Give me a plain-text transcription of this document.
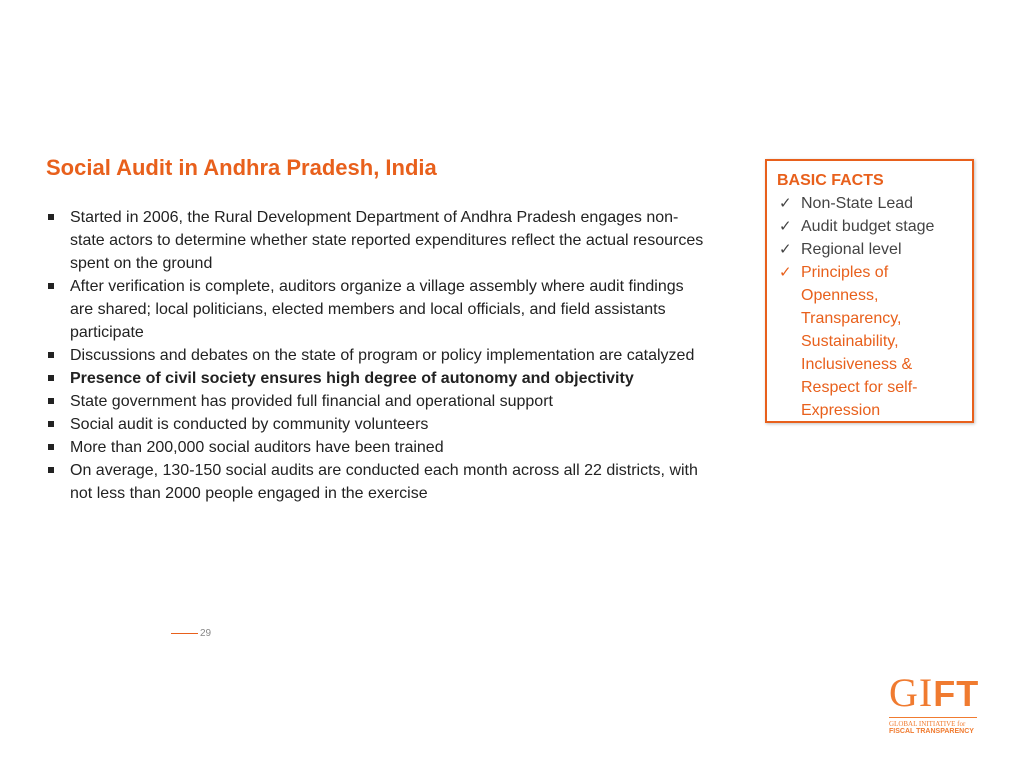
Social Audit in Andhra Pradesh, India
Started in 2006, the Rural Development Department of Andhra Pradesh engages non-state actors to determine whether state reported expenditures reflect the actual resources spent on the ground
After verification is complete, auditors organize a village assembly where audit findings are shared; local politicians, elected members and local officials, and field assistants participate
Discussions and debates on the state of program or policy implementation are catalyzed
Presence of civil society ensures high degree of autonomy and objectivity
State government has provided full financial and operational support
Social audit is conducted by community volunteers
More than 200,000 social auditors have been trained
On average, 130-150 social audits are conducted each month across all 22 districts, with not less than 2000 people engaged in the exercise
BASIC FACTS
✓ Non-State Lead
✓ Audit budget stage
✓ Regional level
✓ Principles of Openness, Transparency, Sustainability, Inclusiveness & Respect for self-Expression
29
GIFT
GLOBAL INITIATIVE for
FISCAL TRANSPARENCY
